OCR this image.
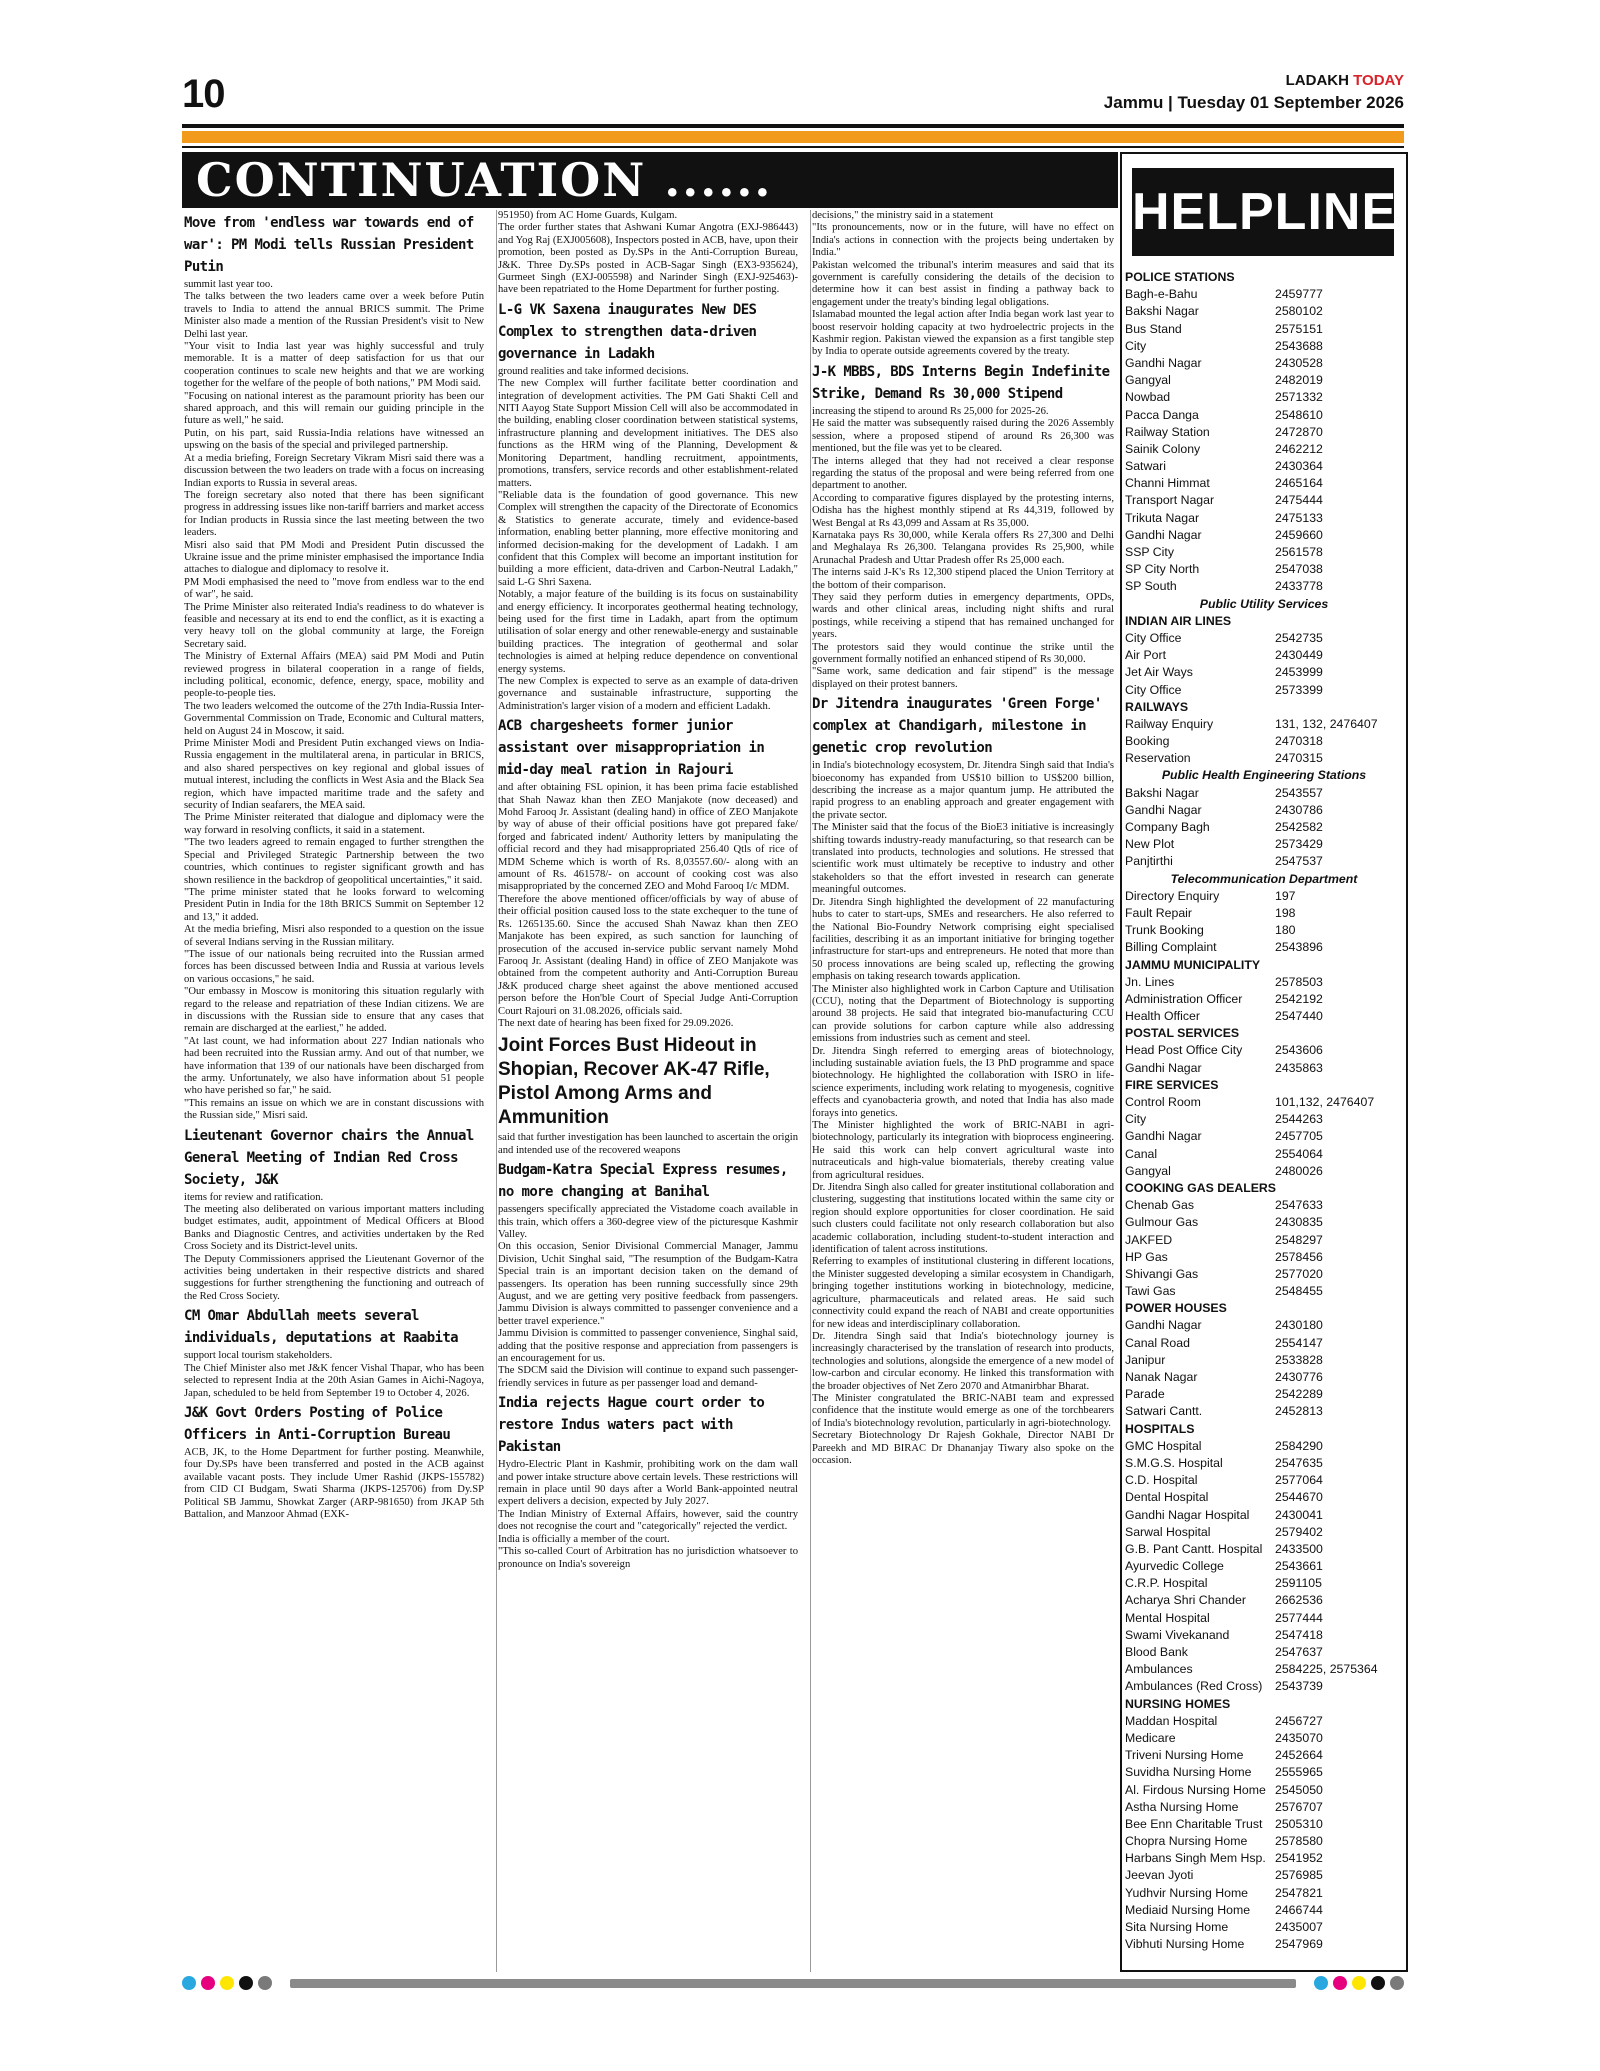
10	LADAKH TODAY
Jammu | Tuesday 01 September 2026
CONTINUATION ......
Move from 'endless war towards end of war': PM Modi tells Russian President Putin

summit last year too.

The talks between the two leaders came over a week before Putin travels to India to attend the annual BRICS summit. The Prime Minister also made a mention of the Russian President's visit to New Delhi last year.

"Your visit to India last year was highly successful and truly memorable. It is a matter of deep satisfaction for us that our cooperation continues to scale new heights and that we are working together for the welfare of the people of both nations," PM Modi said.

"Focusing on national interest as the paramount priority has been our shared approach, and this will remain our guiding principle in the future as well," he said.

Putin, on his part, said Russia-India relations have witnessed an upswing on the basis of the special and privileged partnership.

At a media briefing, Foreign Secretary Vikram Misri said there was a discussion between the two leaders on trade with a focus on increasing Indian exports to Russia in several areas.

The foreign secretary also noted that there has been significant progress in addressing issues like non-tariff barriers and market access for Indian products in Russia since the last meeting between the two leaders.

Misri also said that PM Modi and President Putin discussed the Ukraine issue and the prime minister emphasised the importance India attaches to dialogue and diplomacy to resolve it.

PM Modi emphasised the need to "move from endless war to the end of war", he said.

The Prime Minister also reiterated India's readiness to do whatever is feasible and necessary at its end to end the conflict, as it is exacting a very heavy toll on the global community at large, the Foreign Secretary said.

The Ministry of External Affairs (MEA) said PM Modi and Putin reviewed progress in bilateral cooperation in a range of fields, including political, economic, defence, energy, space, mobility and people-to-people ties.

The two leaders welcomed the outcome of the 27th India-Russia Inter-Governmental Commission on Trade, Economic and Cultural matters, held on August 24 in Moscow, it said.

Prime Minister Modi and President Putin exchanged views on India-Russia engagement in the multilateral arena, in particular in BRICS, and also shared perspectives on key regional and global issues of mutual interest, including the conflicts in West Asia and the Black Sea region, which have impacted maritime trade and the safety and security of Indian seafarers, the MEA said.

The Prime Minister reiterated that dialogue and diplomacy were the way forward in resolving conflicts, it said in a statement.

"The two leaders agreed to remain engaged to further strengthen the Special and Privileged Strategic Partnership between the two countries, which continues to register significant growth and has shown resilience in the backdrop of geopolitical uncertainties," it said.

"The prime minister stated that he looks forward to welcoming President Putin in India for the 18th BRICS Summit on September 12 and 13," it added.

At the media briefing, Misri also responded to a question on the issue of several Indians serving in the Russian military.

"The issue of our nationals being recruited into the Russian armed forces has been discussed between India and Russia at various levels on various occasions," he said.

"Our embassy in Moscow is monitoring this situation regularly with regard to the release and repatriation of these Indian citizens. We are in discussions with the Russian side to ensure that any cases that remain are discharged at the earliest," he added.

"At last count, we had information about 227 Indian nationals who had been recruited into the Russian army. And out of that number, we have information that 139 of our nationals have been discharged from the army. Unfortunately, we also have information about 51 people who have perished so far," he said.

"This remains an issue on which we are in constant discussions with the Russian side," Misri said.

Lieutenant Governor chairs the Annual General Meeting of Indian Red Cross Society, J&K

items for review and ratification.

The meeting also deliberated on various important matters including budget estimates, audit, appointment of Medical Officers at Blood Banks and Diagnostic Centres, and activities undertaken by the Red Cross Society and its District-level units.

The Deputy Commissioners apprised the Lieutenant Governor of the activities being undertaken in their respective districts and shared suggestions for further strengthening the functioning and outreach of the Red Cross Society.

CM Omar Abdullah meets several individuals, deputations at Raabita

support local tourism stakeholders.

The Chief Minister also met J&K fencer Vishal Thapar, who has been selected to represent India at the 20th Asian Games in Aichi-Nagoya, Japan, scheduled to be held from September 19 to October 4, 2026.

J&K Govt Orders Posting of Police Officers in Anti-Corruption Bureau

ACB, JK, to the Home Department for further posting. Meanwhile, four Dy.SPs have been transferred and posted in the ACB against available vacant posts. They include Umer Rashid (JKPS-155782) from CID CI Budgam, Swati Sharma (JKPS-125706) from Dy.SP Political SB Jammu, Showkat Zarger (ARP-981650) from JKAP 5th Battalion, and Manzoor Ahmad (EXK-

951950) from AC Home Guards, Kulgam.

The order further states that Ashwani Kumar Angotra (EXJ-986443) and Yog Raj (EXJ005608), Inspectors posted in ACB, have, upon their promotion, been posted as Dy.SPs in the Anti-Corruption Bureau, J&K. Three Dy.SPs posted in ACB-Sagar Singh (EX3-935624), Gurmeet Singh (EXJ-005598) and Narinder Singh (EXJ-925463)-have been repatriated to the Home Department for further posting.

L-G VK Saxena inaugurates New DES Complex to strengthen data-driven governance in Ladakh

ground realities and take informed decisions.

The new Complex will further facilitate better coordination and integration of development activities. The PM Gati Shakti Cell and NITI Aayog State Support Mission Cell will also be accommodated in the building, enabling closer coordination between statistical systems, infrastructure planning and development initiatives. The DES also functions as the HRM wing of the Planning, Development & Monitoring Department, handling recruitment, appointments, promotions, transfers, service records and other establishment-related matters.

"Reliable data is the foundation of good governance. This new Complex will strengthen the capacity of the Directorate of Economics & Statistics to generate accurate, timely and evidence-based information, enabling better planning, more effective monitoring and informed decision-making for the development of Ladakh. I am confident that this Complex will become an important institution for building a more efficient, data-driven and Carbon-Neutral Ladakh," said L-G Shri Saxena.

Notably, a major feature of the building is its focus on sustainability and energy efficiency. It incorporates geothermal heating technology, being used for the first time in Ladakh, apart from the optimum utilisation of solar energy and other renewable-energy and sustainable building practices. The integration of geothermal and solar technologies is aimed at helping reduce dependence on conventional energy systems.

The new Complex is expected to serve as an example of data-driven governance and sustainable infrastructure, supporting the Administration's larger vision of a modern and efficient Ladakh.

ACB chargesheets former junior assistant over misappropriation in mid-day meal ration in Rajouri

and after obtaining FSL opinion, it has been prima facie established that Shah Nawaz khan then ZEO Manjakote (now deceased) and Mohd Farooq Jr. Assistant (dealing hand) in office of ZEO Manjakote by way of abuse of their official positions have got prepared fake/ forged and fabricated indent/ Authority letters by manipulating the official record and they had misappropriated 256.40 Qtls of rice of MDM Scheme which is worth of Rs. 8,03557.60/- along with an amount of Rs. 461578/- on account of cooking cost was also misappropriated by the concerned ZEO and Mohd Farooq I/c MDM.

Therefore the above mentioned officer/officials by way of abuse of their official position caused loss to the state exchequer to the tune of Rs. 1265135.60. Since the accused Shah Nawaz khan then ZEO Manjakote has been expired, as such sanction for launching of prosecution of the accused in-service public servant namely Mohd Farooq Jr. Assistant (dealing Hand) in office of ZEO Manjakote was obtained from the competent authority and Anti-Corruption Bureau J&K produced charge sheet against the above mentioned accused person before the Hon'ble Court of Special Judge Anti-Corruption Court Rajouri on 31.08.2026, officials said.

The next date of hearing has been fixed for 29.09.2026.

Joint Forces Bust Hideout in Shopian, Recover AK-47 Rifle, Pistol Among Arms and Ammunition

said that further investigation has been launched to ascertain the origin and intended use of the recovered weapons

Budgam-Katra Special Express resumes, no more changing at Banihal

passengers specifically appreciated the Vistadome coach available in this train, which offers a 360-degree view of the picturesque Kashmir Valley.

On this occasion, Senior Divisional Commercial Manager, Jammu Division, Uchit Singhal said, "The resumption of the Budgam-Katra Special train is an important decision taken on the demand of passengers. Its operation has been running successfully since 29th August, and we are getting very positive feedback from passengers. Jammu Division is always committed to passenger convenience and a better travel experience."

Jammu Division is committed to passenger convenience, Singhal said, adding that the positive response and appreciation from passengers is an encouragement for us.

The SDCM said the Division will continue to expand such passenger-friendly services in future as per passenger load and demand-

India rejects Hague court order to restore Indus waters pact with Pakistan

Hydro-Electric Plant in Kashmir, prohibiting work on the dam wall and power intake structure above certain levels. These restrictions will remain in place until 90 days after a World Bank-appointed neutral expert delivers a decision, expected by July 2027.

The Indian Ministry of External Affairs, however, said the country does not recognise the court and "categorically" rejected the verdict.

India is officially a member of the court.

"This so-called Court of Arbitration has no jurisdiction whatsoever to pronounce on India's sovereign

decisions," the ministry said in a statement

"Its pronouncements, now or in the future, will have no effect on India's actions in connection with the projects being undertaken by India."

Pakistan welcomed the tribunal's interim measures and said that its government is carefully considering the details of the decision to determine how it can best assist in finding a pathway back to engagement under the treaty's binding legal obligations.

Islamabad mounted the legal action after India began work last year to boost reservoir holding capacity at two hydroelectric projects in the Kashmir region. Pakistan viewed the expansion as a first tangible step by India to operate outside agreements covered by the treaty.

J-K MBBS, BDS Interns Begin Indefinite Strike, Demand Rs 30,000 Stipend

increasing the stipend to around Rs 25,000 for 2025-26.

He said the matter was subsequently raised during the 2026 Assembly session, where a proposed stipend of around Rs 26,300 was mentioned, but the file was yet to be cleared.

The interns alleged that they had not received a clear response regarding the status of the proposal and were being referred from one department to another.

According to comparative figures displayed by the protesting interns, Odisha has the highest monthly stipend at Rs 44,319, followed by West Bengal at Rs 43,099 and Assam at Rs 35,000.

Karnataka pays Rs 30,000, while Kerala offers Rs 27,300 and Delhi and Meghalaya Rs 26,300. Telangana provides Rs 25,900, while Arunachal Pradesh and Uttar Pradesh offer Rs 25,000 each.

The interns said J-K's Rs 12,300 stipend placed the Union Territory at the bottom of their comparison.

They said they perform duties in emergency departments, OPDs, wards and other clinical areas, including night shifts and rural postings, while receiving a stipend that has remained unchanged for years.

The protestors said they would continue the strike until the government formally notified an enhanced stipend of Rs 30,000.

"Same work, same dedication and fair stipend" is the message displayed on their protest banners.

Dr Jitendra inaugurates 'Green Forge' complex at Chandigarh, milestone in genetic crop revolution

in India's biotechnology ecosystem, Dr. Jitendra Singh said that India's bioeconomy has expanded from US$10 billion to US$200 billion, describing the increase as a major quantum jump. He attributed the rapid progress to an enabling approach and greater engagement with the private sector.

The Minister said that the focus of the BioE3 initiative is increasingly shifting towards industry-ready manufacturing, so that research can be translated into products, technologies and solutions. He stressed that scientific work must ultimately be receptive to industry and other stakeholders so that the effort invested in research can generate meaningful outcomes.

Dr. Jitendra Singh highlighted the development of 22 manufacturing hubs to cater to start-ups, SMEs and researchers. He also referred to the National Bio-Foundry Network comprising eight specialised facilities, describing it as an important initiative for bringing together infrastructure for start-ups and entrepreneurs. He noted that more than 50 process innovations are being scaled up, reflecting the growing emphasis on taking research towards application.

The Minister also highlighted work in Carbon Capture and Utilisation (CCU), noting that the Department of Biotechnology is supporting around 38 projects. He said that integrated bio-manufacturing CCU can provide solutions for carbon capture while also addressing emissions from industries such as cement and steel.

Dr. Jitendra Singh referred to emerging areas of biotechnology, including sustainable aviation fuels, the I3 PhD programme and space biotechnology. He highlighted the collaboration with ISRO in life-science experiments, including work relating to myogenesis, cognitive effects and cyanobacteria growth, and noted that India has also made forays into genetics.

The Minister highlighted the work of BRIC-NABI in agri-biotechnology, particularly its integration with bioprocess engineering. He said this work can help convert agricultural waste into nutraceuticals and high-value biomaterials, thereby creating value from agricultural residues.

Dr. Jitendra Singh also called for greater institutional collaboration and clustering, suggesting that institutions located within the same city or region should explore opportunities for closer coordination. He said such clusters could facilitate not only research collaboration but also academic collaboration, including student-to-student interaction and identification of talent across institutions.

Referring to examples of institutional clustering in different locations, the Minister suggested developing a similar ecosystem in Chandigarh, bringing together institutions working in biotechnology, medicine, agriculture, pharmaceuticals and related areas. He said such connectivity could expand the reach of NABI and create opportunities for new ideas and interdisciplinary collaboration.

Dr. Jitendra Singh said that India's biotechnology journey is increasingly characterised by the translation of research into products, technologies and solutions, alongside the emergence of a new model of low-carbon and circular economy. He linked this transformation with the broader objectives of Net Zero 2070 and Atmanirbhar Bharat.

The Minister congratulated the BRIC-NABI team and expressed confidence that the institute would emerge as one of the torchbearers of India's biotechnology revolution, particularly in agri-biotechnology.

Secretary Biotechnology Dr Rajesh Gokhale, Director NABI Dr Pareekh and MD BIRAC Dr Dhananjay Tiwary also spoke on the occasion.

HELPLINE
POLICE STATIONS
Bagh-e-Bahu	2459777
Bakshi Nagar	2580102
Bus Stand	2575151
City	2543688
Gandhi Nagar	2430528
Gangyal	2482019
Nowbad	2571332
Pacca Danga	2548610
Railway Station	2472870
Sainik Colony	2462212
Satwari	2430364
Channi Himmat	2465164
Transport Nagar	2475444
Trikuta Nagar	2475133
Gandhi Nagar	2459660
SSP City	2561578
SP City North	2547038
SP South	2433778
Public Utility Services
INDIAN AIR LINES
City Office	2542735
Air Port	2430449
Jet Air Ways	2453999
City Office	2573399
RAILWAYS
Railway Enquiry	131, 132, 2476407
Booking	2470318
Reservation	2470315
Public Health Engineering Stations
Bakshi Nagar	2543557
Gandhi Nagar	2430786
Company Bagh	2542582
New Plot	2573429
Panjtirthi	2547537
Telecommunication Department
Directory Enquiry	197
Fault Repair	198
Trunk Booking	180
Billing Complaint	2543896
JAMMU MUNICIPALITY
Jn. Lines	2578503
Administration Officer	2542192
Health Officer	2547440
POSTAL SERVICES
Head Post Office City	2543606
Gandhi Nagar	2435863
FIRE SERVICES
Control Room	101,132, 2476407
City	2544263
Gandhi Nagar	2457705
Canal	2554064
Gangyal	2480026
COOKING GAS DEALERS
Chenab Gas	2547633
Gulmour Gas	2430835
JAKFED	2548297
HP Gas	2578456
Shivangi Gas	2577020
Tawi Gas	2548455
POWER HOUSES
Gandhi Nagar	2430180
Canal Road	2554147
Janipur	2533828
Nanak Nagar	2430776
Parade	2542289
Satwari Cantt.	2452813
HOSPITALS
GMC Hospital	2584290
S.M.G.S. Hospital	2547635
C.D. Hospital	2577064
Dental Hospital	2544670
Gandhi Nagar Hospital	2430041
Sarwal Hospital	2579402
G.B. Pant Cantt. Hospital	2433500
Ayurvedic College	2543661
C.R.P. Hospital	2591105
Acharya Shri Chander	2662536
Mental Hospital	2577444
Swami Vivekanand	2547418
Blood Bank	2547637
Ambulances	2584225, 2575364
Ambulances (Red Cross)	2543739
NURSING HOMES
Maddan Hospital	2456727
Medicare	2435070
Triveni Nursing Home	2452664
Suvidha Nursing Home	2555965
Al. Firdous Nursing Home 2545050
Astha Nursing Home	2576707
Bee Enn Charitable Trust	2505310
Chopra Nursing Home	2578580
Harbans Singh Mem Hsp. 2541952
Jeevan Jyoti	2576985
Yudhvir Nursing Home	2547821
Mediaid Nursing Home	2466744
Sita Nursing Home	2435007
Vibhuti Nursing Home	2547969
